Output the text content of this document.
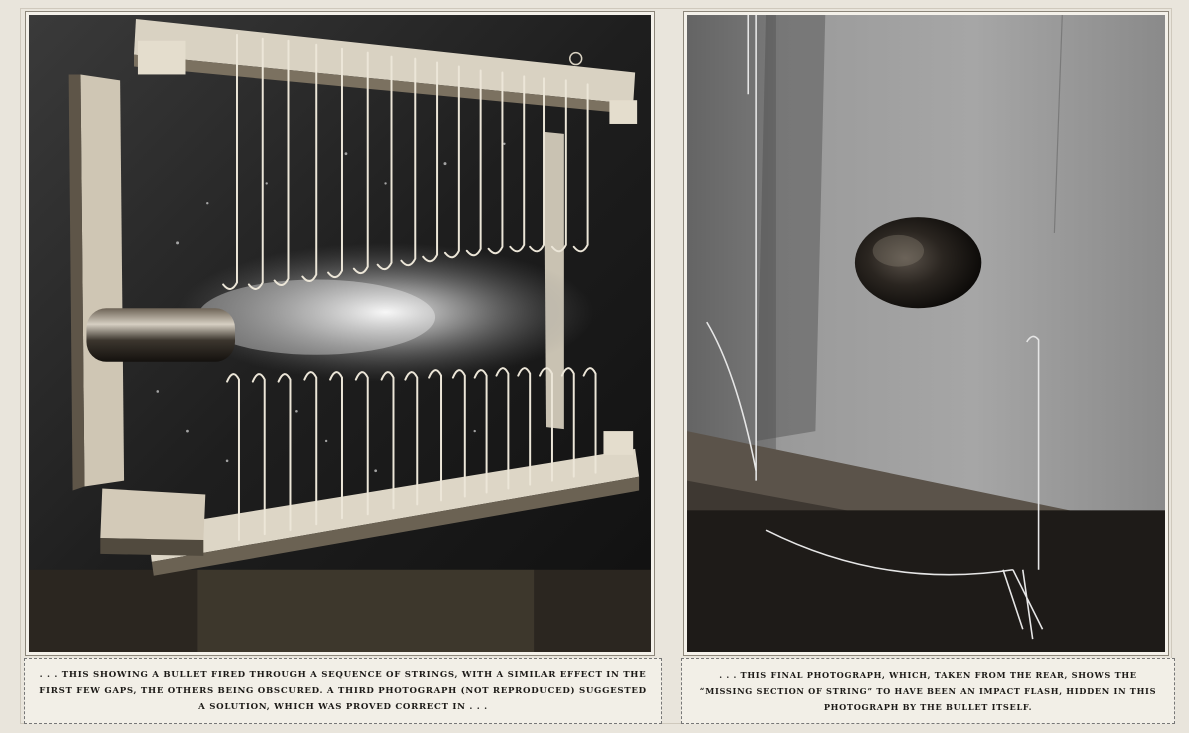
. . . THIS SHOWING A BULLET FIRED THROUGH A SEQUENCE OF STRINGS, WITH A SIMILAR EFFECT IN THE FIRST FEW GAPS, THE OTHERS BEING OBSCURED. A THIRD PHOTOGRAPH (NOT REPRODUCED) SUGGESTED A SOLUTION, WHICH WAS PROVED CORRECT IN . . .
. . . THIS FINAL PHOTOGRAPH, WHICH, TAKEN FROM THE REAR, SHOWS THE “MISSING SECTION OF STRING” TO HAVE BEEN AN IMPACT FLASH, HIDDEN IN THIS PHOTOGRAPH BY THE BULLET ITSELF.
